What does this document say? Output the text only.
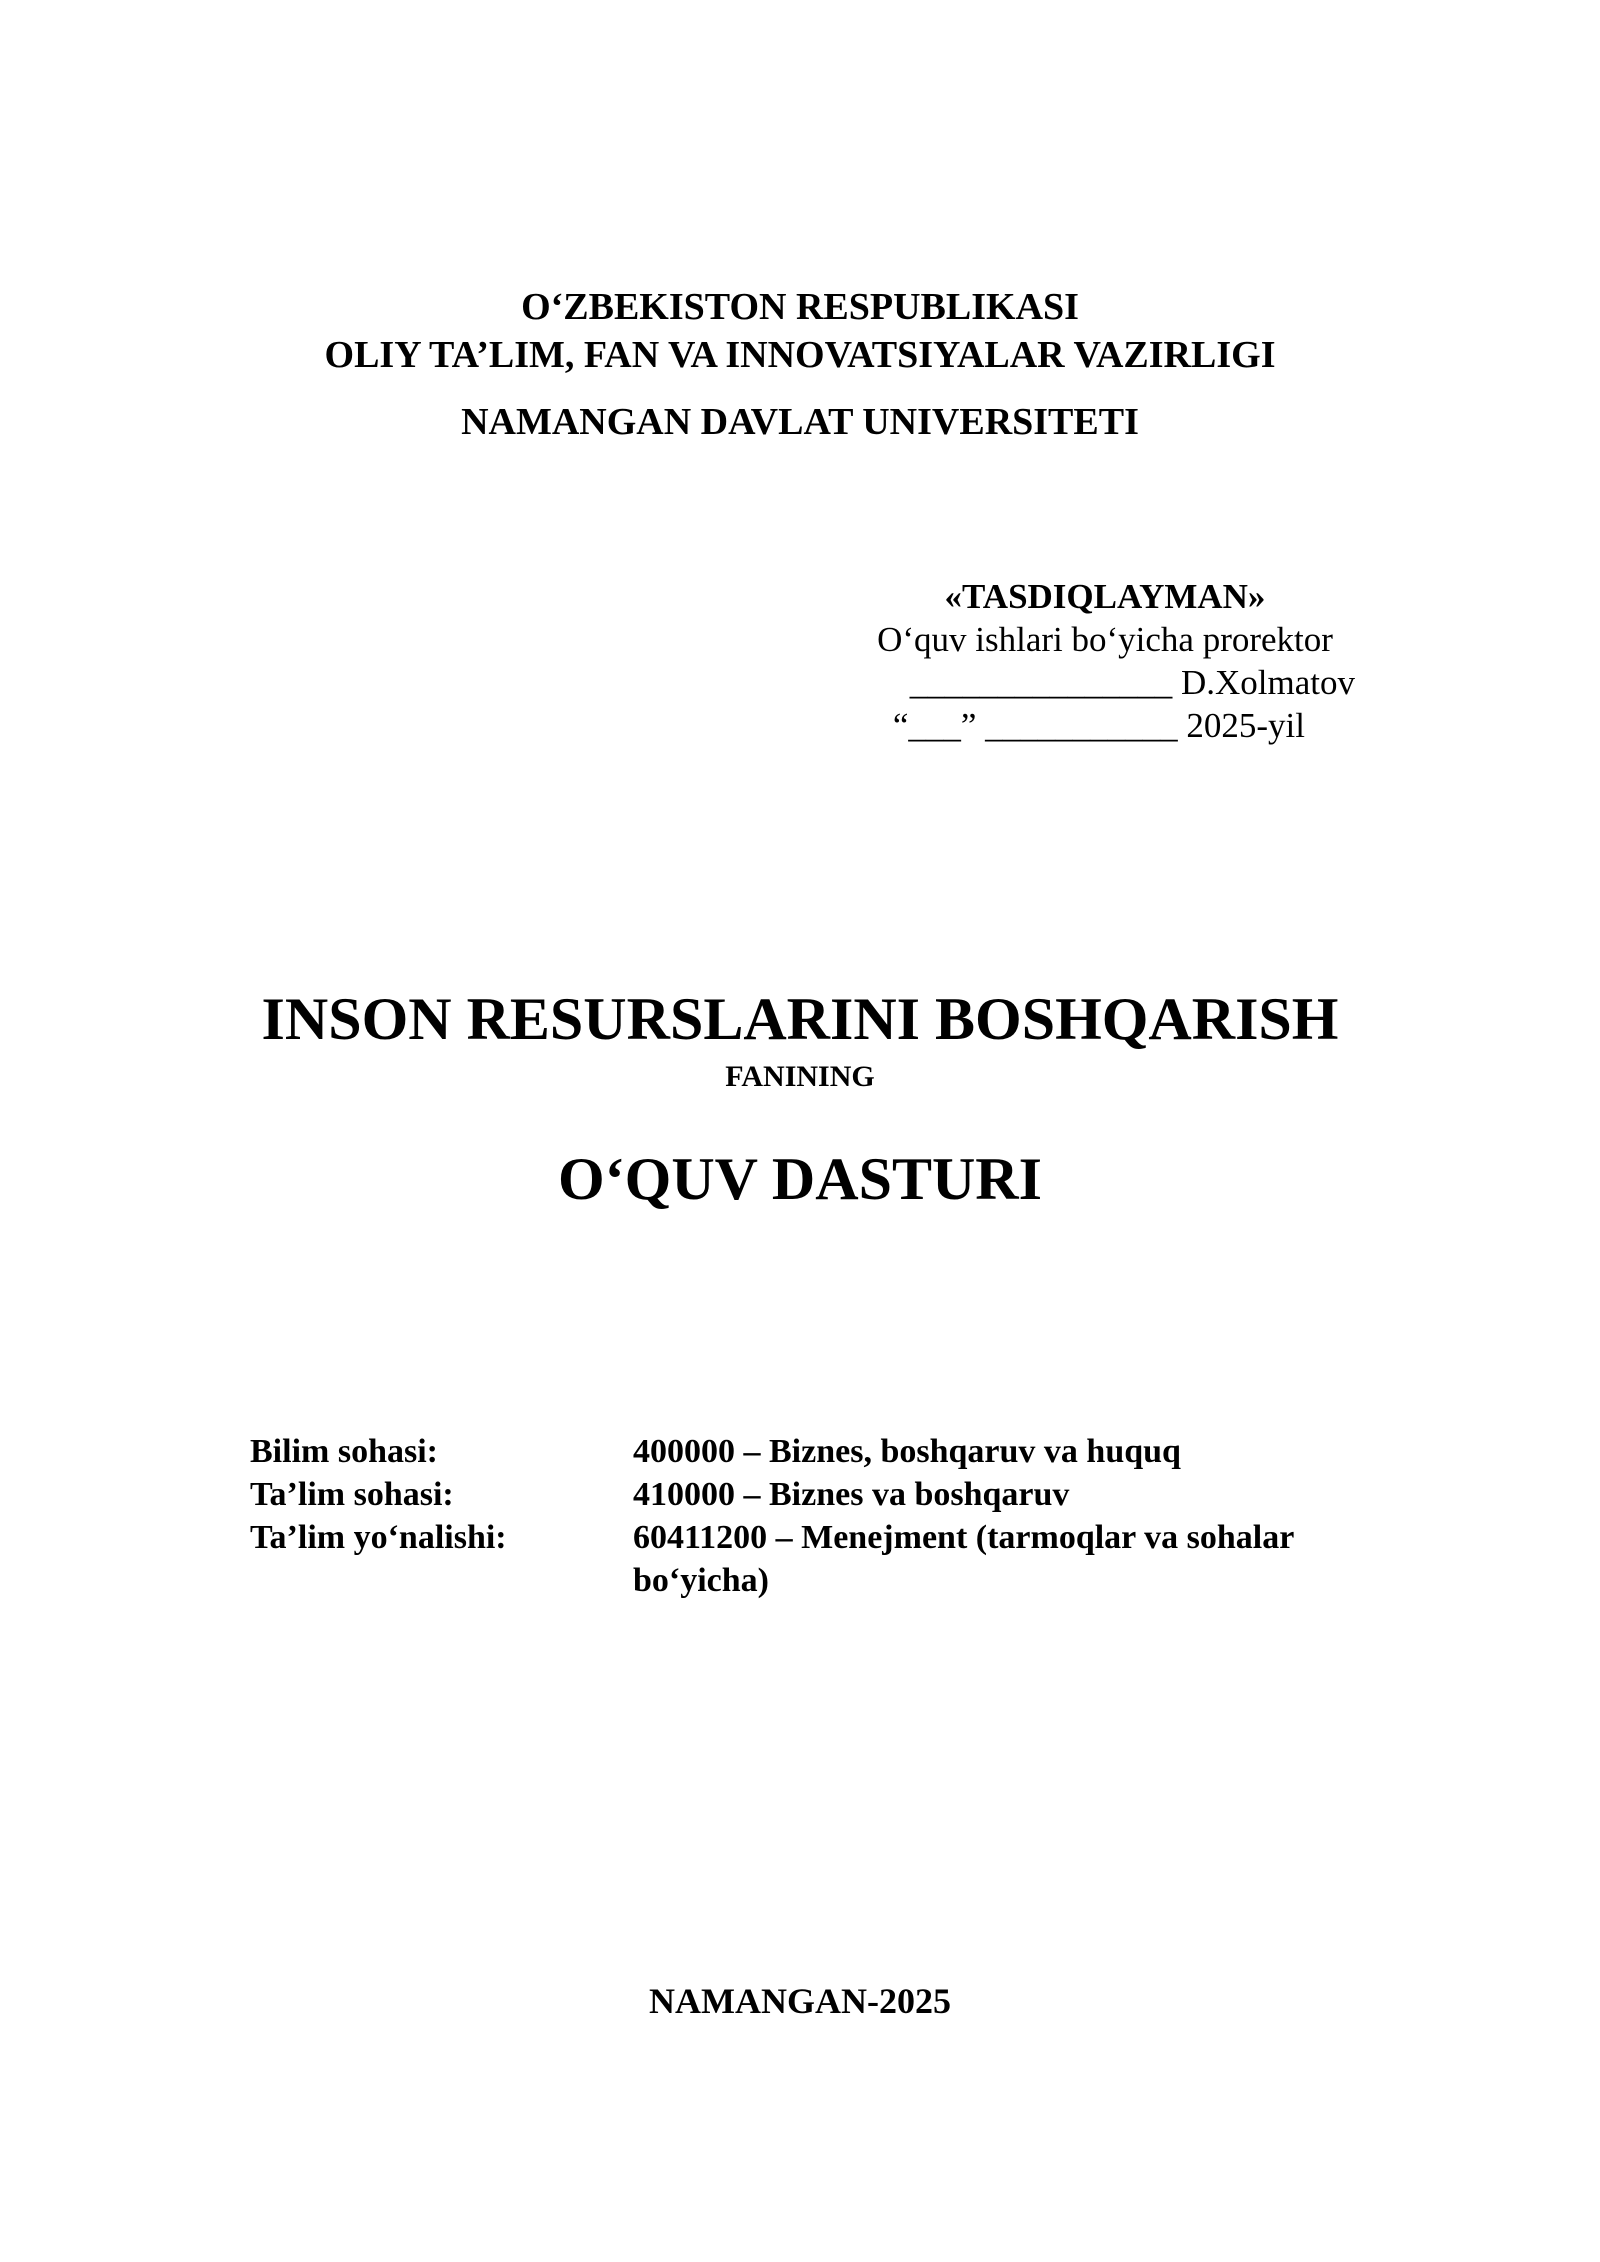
O‘ZBEKISTON RESPUBLIKASI
OLIY TA’LIM, FAN VA INNOVATSIYALAR VAZIRLIGI
NAMANGAN DAVLAT UNIVERSITETI
«TASDIQLAYMAN»
O‘quv ishlari bo‘yicha prorektor
_______________ D.Xolmatov
“___” ___________ 2025-yil
INSON RESURSLARINI BOSHQARISH
FANINING
O‘QUV DASTURI
Bilim sohasi:	400000 – Biznes, boshqaruv va huquq
Ta’lim sohasi:	410000 – Biznes va boshqaruv
Ta’lim yo‘nalishi:	60411200 – Menejment (tarmoqlar va sohalar bo‘yicha)
NAMANGAN-2025
